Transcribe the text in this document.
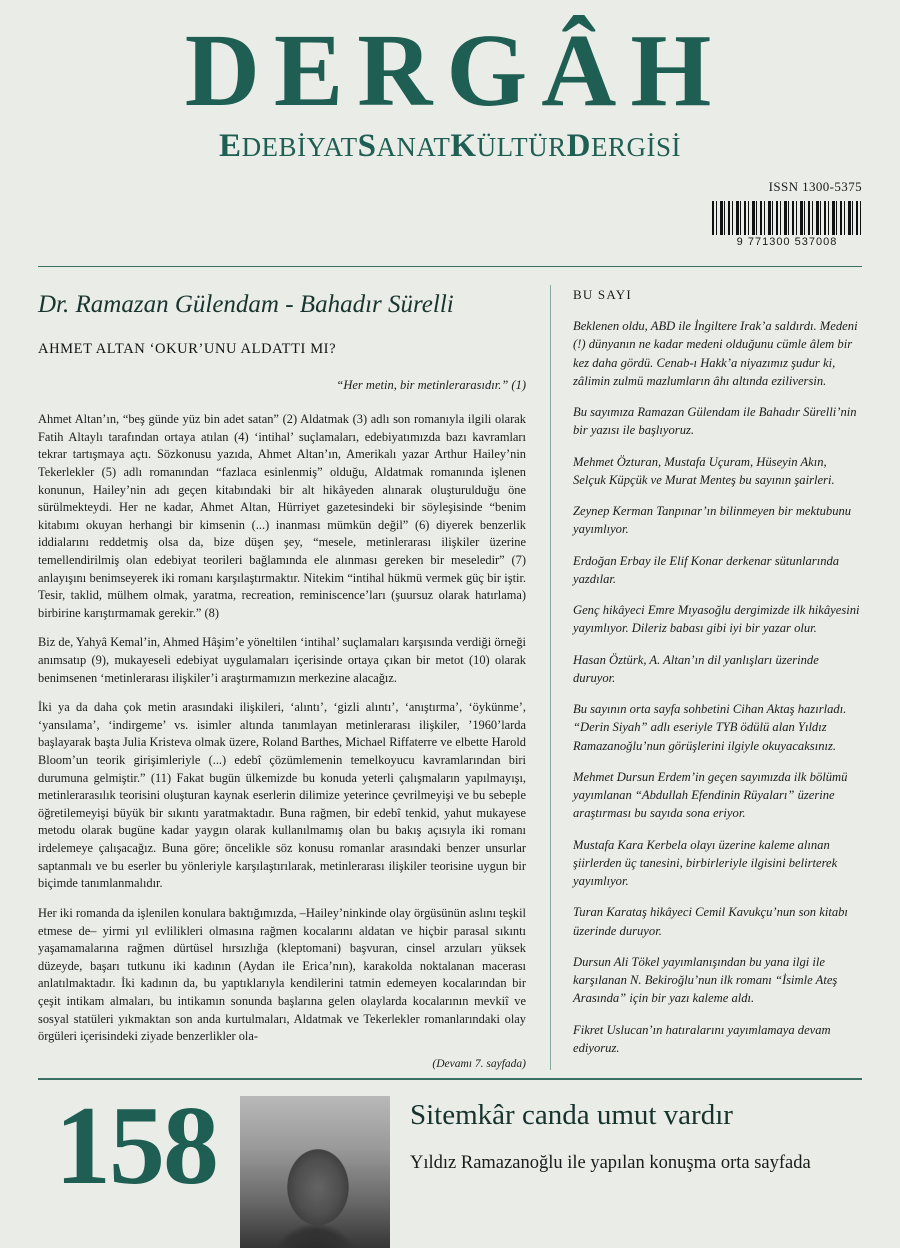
DERGÂH
EDEBİYATSANATKÜLTÜRDERGİSİ
ISSN 1300-5375
9 771300 537008
Dr. Ramazan Gülendam - Bahadır Sürelli
AHMET ALTAN ‘OKUR’UNU ALDATTI MI?
“Her metin, bir metinlerarasıdır.” (1)

Ahmet Altan’ın, “beş günde yüz bin adet satan” (2) Aldatmak (3) adlı son romanıyla ilgili olarak Fatih Altaylı tarafından ortaya atılan (4) ‘intihal’ suçlamaları, edebiyatımızda bazı kavramları tekrar tartışmaya açtı. Sözkonusu yazıda, Ahmet Altan’ın, Amerikalı yazar Arthur Hailey’nin Tekerlekler (5) adlı romanından “fazlaca esinlenmiş” olduğu, Aldatmak romanında işlenen konunun, Hailey’nin adı geçen kitabındaki bir alt hikâyeden alınarak oluşturulduğu öne sürülmekteydi. Her ne kadar, Ahmet Altan, Hürriyet gazetesindeki bir söyleşisinde “benim kitabımı okuyan herhangi bir kimsenin (...) inanması mümkün değil” (6) diyerek benzerlik iddialarını reddetmiş olsa da, bize düşen şey, “mesele, metinlerarası ilişkiler üzerine temellendirilmiş olan edebiyat teorileri bağlamında ele alınması gereken bir meseledir” (7) anlayışını benimseyerek iki romanı karşılaştırmaktır. Nitekim “intihal hükmü vermek güç bir iştir. Tesir, taklid, mülhem olmak, yaratma, recreation, reminiscence’ları (şuursuz olarak hatırlama) birbirine karıştırmamak gerekir.” (8)

Biz de, Yahyâ Kemal’in, Ahmed Hâşim’e yöneltilen ‘intihal’ suçlamaları karşısında verdiği örneği anımsatıp (9), mukayeseli edebiyat uygulamaları içerisinde ortaya çıkan bir metot (10) olarak benimsenen ‘metinlerarası ilişkiler’i araştırmamızın merkezine alacağız.

İki ya da daha çok metin arasındaki ilişkileri, ‘alıntı’, ‘gizli alıntı’, ‘anıştırma’, ‘öykünme’, ‘yansılama’, ‘indirgeme’ vs. isimler altında tanımlayan metinlerarası ilişkiler, ’1960’larda başlayarak başta Julia Kristeva olmak üzere, Roland Barthes, Michael Riffaterre ve elbette Harold Bloom’un teorik girişimleriyle (...) edebî çözümlemenin temelkoyucu kavramlarından biri durumuna gelmiştir.” (11) Fakat bugün ülkemizde bu konuda yeterli çalışmaların yapılmayışı, metinlerarasılık teorisini oluşturan kaynak eserlerin dilimize yeterince çevrilmeyişi ve bu sebeple öğretilemeyişi büyük bir sıkıntı yaratmaktadır. Buna rağmen, bir edebî tenkid, yahut mukayese metodu olarak bugüne kadar yaygın olarak kullanılmamış olan bu bakış açısıyla iki romanı irdelemeye çalışacağız. Buna göre; öncelikle söz konusu romanlar arasındaki benzer unsurlar saptanmalı ve bu eserler bu yönleriyle karşılaştırılarak, metinlerarası ilişkiler teorisine uygun bir biçimde tanımlanmalıdır.

Her iki romanda da işlenilen konulara baktığımızda, –Hailey’ninkinde olay örgüsünün aslını teşkil etmese de– yirmi yıl evlilikleri olmasına rağmen kocalarını aldatan ve hiçbir parasal sıkıntı yaşamamalarına rağmen dürtüsel hırsızlığa (kleptomani) başvuran, cinsel arzuları yüksek düzeyde, başarı tutkunu iki kadının (Aydan ile Erica’nın), karakolda noktalanan macerası anlatılmaktadır. İki kadının da, bu yaptıklarıyla kendilerini tatmin edemeyen kocalarından bir çeşit intikam almaları, bu intikamın sonunda başlarına gelen olaylarda kocalarının mevkiî ve sosyal statüleri yıkmaktan son anda kurtulmaları, Aldatmak ve Tekerlekler romanlarındaki olay örgüleri içerisindeki ziyade benzerlikler ola-

(Devamı 7. sayfada)
BU SAYI

Beklenen oldu, ABD ile İngiltere Irak’a saldırdı. Medeni (!) dünyanın ne kadar medeni olduğunu cümle âlem bir kez daha gördü. Cenab-ı Hakk’a niyazımız şudur ki, zâlimin zulmü mazlumların âhı altında eziliversin.

Bu sayımıza Ramazan Gülendam ile Bahadır Sürelli’nin bir yazısı ile başlıyoruz.

Mehmet Özturan, Mustafa Uçuram, Hüseyin Akın, Selçuk Küpçük ve Murat Menteş bu sayının şairleri.

Zeynep Kerman Tanpınar’ın bilinmeyen bir mektubunu yayımlıyor.

Erdoğan Erbay ile Elif Konar derkenar sütunlarında yazdılar.

Genç hikâyeci Emre Mıyasoğlu dergimizde ilk hikâyesini yayımlıyor. Dileriz babası gibi iyi bir yazar olur.

Hasan Öztürk, A. Altan’ın dil yanlışları üzerinde duruyor.

Bu sayının orta sayfa sohbetini Cihan Aktaş hazırladı. “Derin Siyah” adlı eseriyle TYB ödülü alan Yıldız Ramazanoğlu’nun görüşlerini ilgiyle okuyacaksınız.

Mehmet Dursun Erdem’in geçen sayımızda ilk bölümü yayımlanan “Abdullah Efendinin Rüyaları” üzerine araştırması bu sayıda sona eriyor.

Mustafa Kara Kerbela olayı üzerine kaleme alınan şiirlerden üç tanesini, birbirleriyle ilgisini belirterek yayımlıyor.

Turan Karataş hikâyeci Cemil Kavukçu’nun son kitabı üzerinde duruyor.

Dursun Ali Tökel yayımlanışından bu yana ilgi ile karşılanan N. Bekiroğlu’nun ilk romanı “İsimle Ateş Arasında” için bir yazı kaleme aldı.

Fikret Uslucan’ın hatıralarını yayımlamaya devam ediyoruz.

158	Sitemkâr canda umut vardır
Yıldız Ramazanoğlu ile yapılan konuşma orta sayfada
